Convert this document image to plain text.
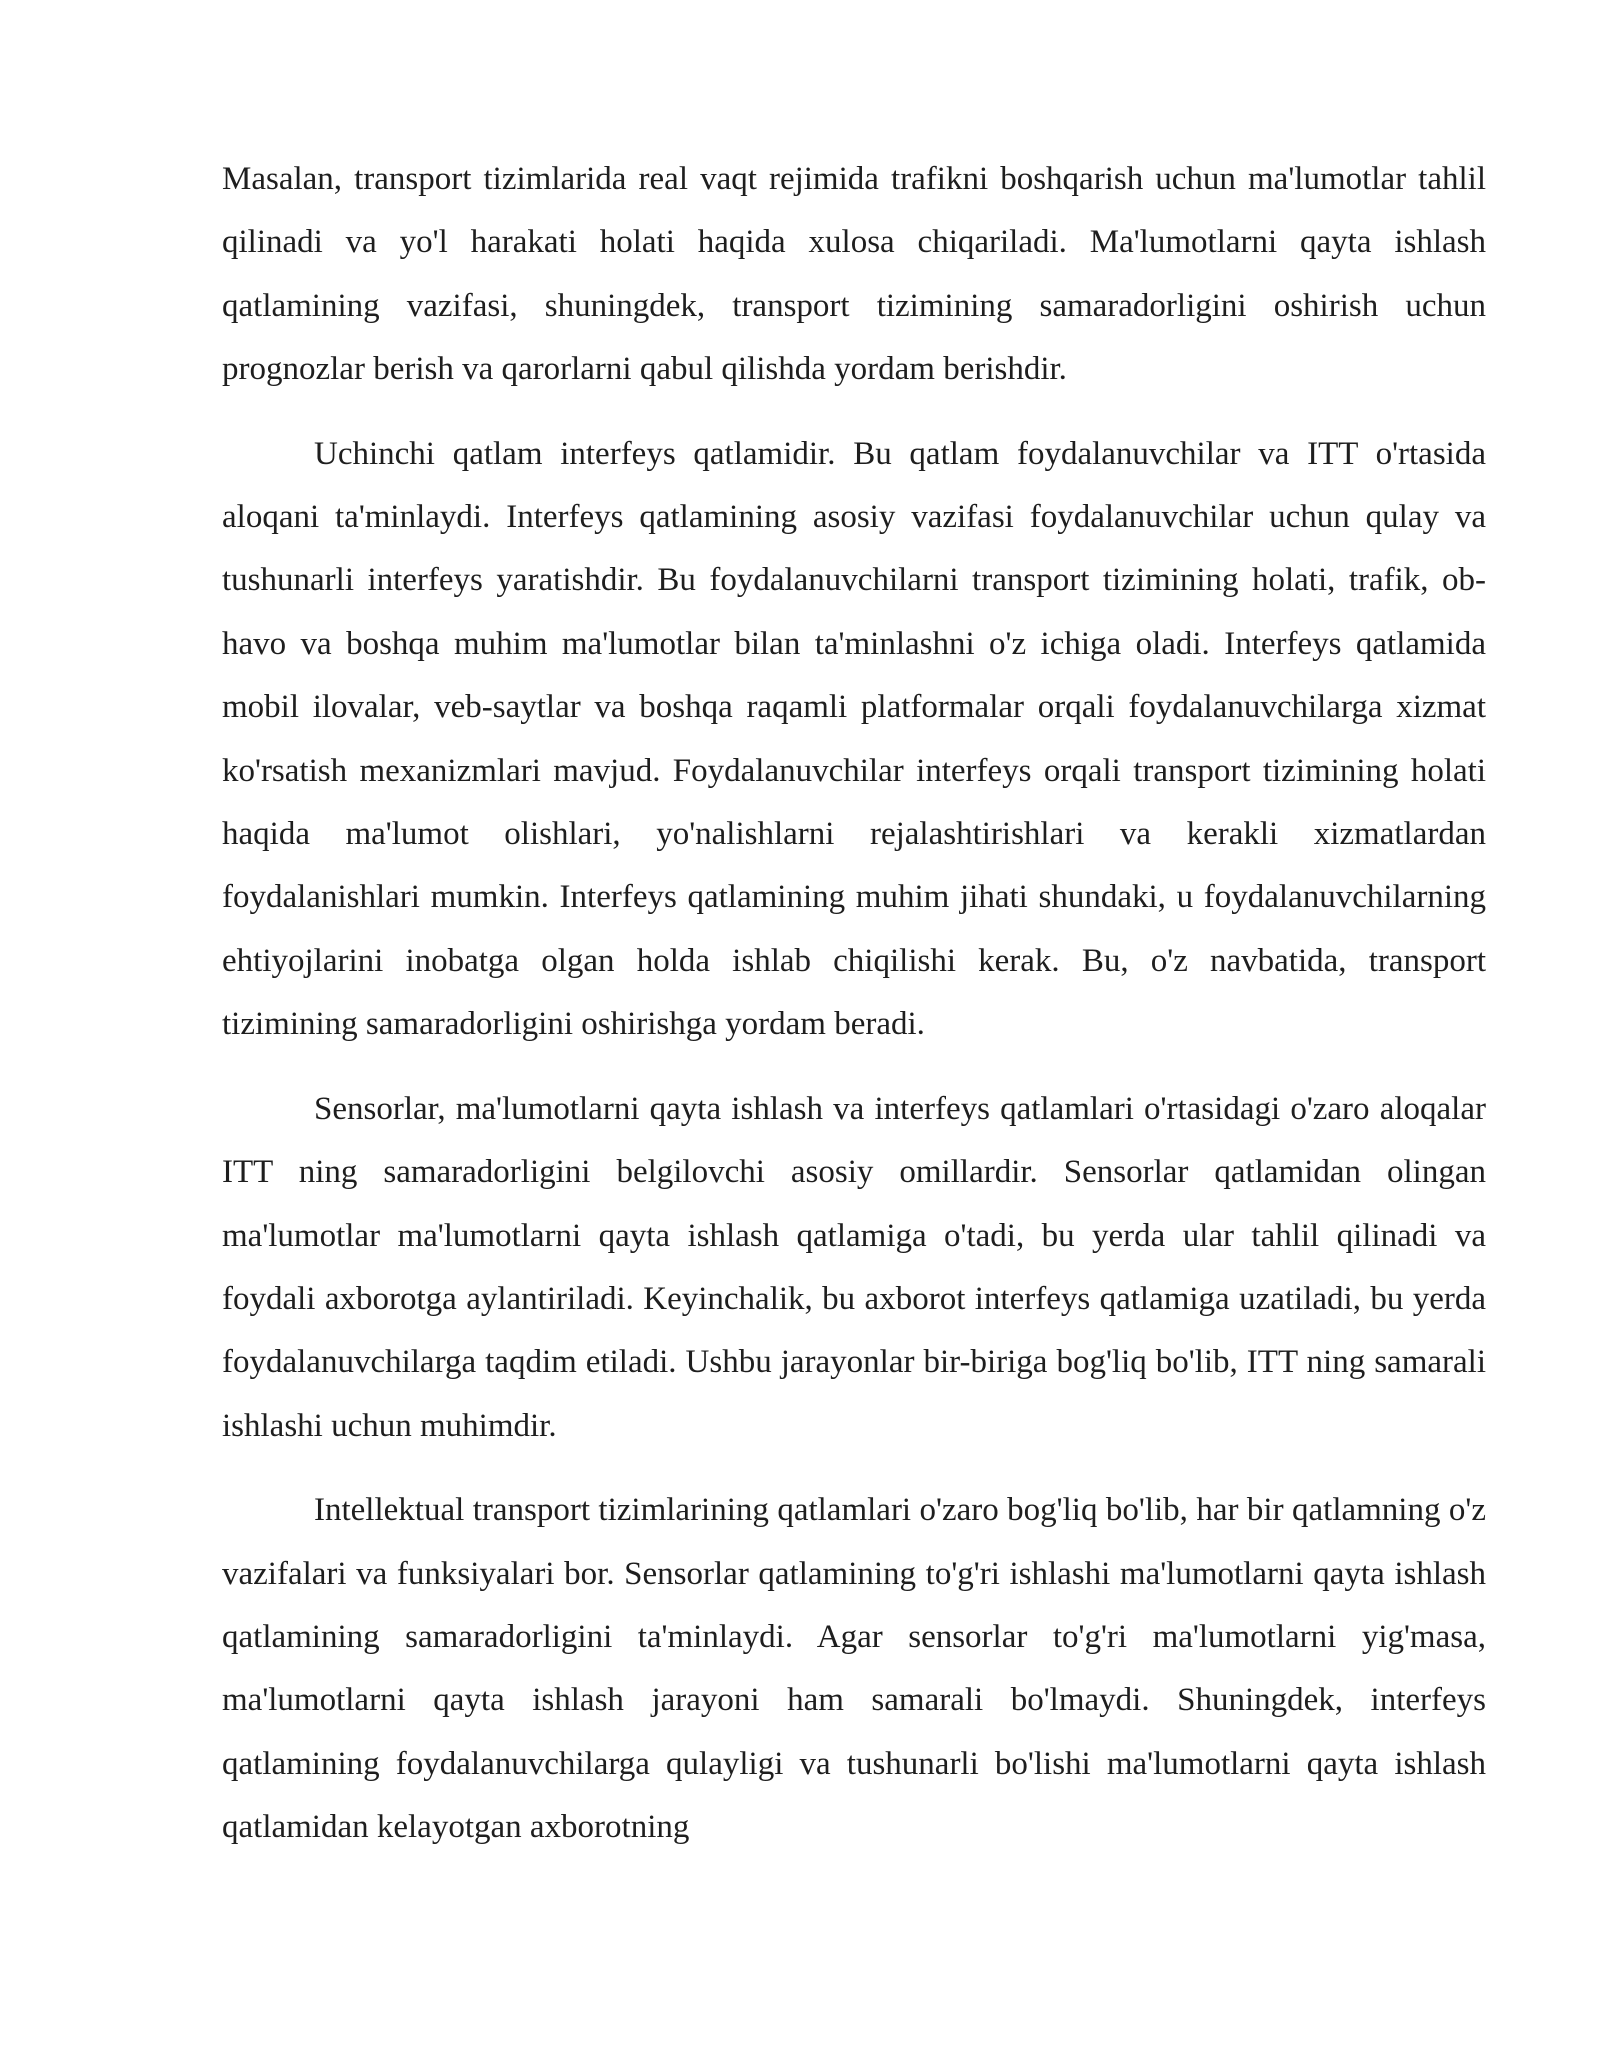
Masalan, transport tizimlarida real vaqt rejimida trafikni boshqarish uchun ma'lumotlar tahlil qilinadi va yo'l harakati holati haqida xulosa chiqariladi. Ma'lumotlarni qayta ishlash qatlamining vazifasi, shuningdek, transport tizimining samaradorligini oshirish uchun prognozlar berish va qarorlarni qabul qilishda yordam berishdir.

Uchinchi qatlam interfeys qatlamidir. Bu qatlam foydalanuvchilar va ITT o'rtasida aloqani ta'minlaydi. Interfeys qatlamining asosiy vazifasi foydalanuvchilar uchun qulay va tushunarli interfeys yaratishdir. Bu foydalanuvchilarni transport tizimining holati, trafik, ob-havo va boshqa muhim ma'lumotlar bilan ta'minlashni o'z ichiga oladi. Interfeys qatlamida mobil ilovalar, veb-saytlar va boshqa raqamli platformalar orqali foydalanuvchilarga xizmat ko'rsatish mexanizmlari mavjud. Foydalanuvchilar interfeys orqali transport tizimining holati haqida ma'lumot olishlari, yo'nalishlarni rejalashtirishlari va kerakli xizmatlardan foydalanishlari mumkin. Interfeys qatlamining muhim jihati shundaki, u foydalanuvchilarning ehtiyojlarini inobatga olgan holda ishlab chiqilishi kerak. Bu, o'z navbatida, transport tizimining samaradorligini oshirishga yordam beradi.

Sensorlar, ma'lumotlarni qayta ishlash va interfeys qatlamlari o'rtasidagi o'zaro aloqalar ITT ning samaradorligini belgilovchi asosiy omillardir. Sensorlar qatlamidan olingan ma'lumotlar ma'lumotlarni qayta ishlash qatlamiga o'tadi, bu yerda ular tahlil qilinadi va foydali axborotga aylantiriladi. Keyinchalik, bu axborot interfeys qatlamiga uzatiladi, bu yerda foydalanuvchilarga taqdim etiladi. Ushbu jarayonlar bir-biriga bog'liq bo'lib, ITT ning samarali ishlashi uchun muhimdir.

Intellektual transport tizimlarining qatlamlari o'zaro bog'liq bo'lib, har bir qatlamning o'z vazifalari va funksiyalari bor. Sensorlar qatlamining to'g'ri ishlashi ma'lumotlarni qayta ishlash qatlamining samaradorligini ta'minlaydi. Agar sensorlar to'g'ri ma'lumotlarni yig'masa, ma'lumotlarni qayta ishlash jarayoni ham samarali bo'lmaydi. Shuningdek, interfeys qatlamining foydalanuvchilarga qulayligi va tushunarli bo'lishi ma'lumotlarni qayta ishlash qatlamidan kelayotgan axborotning
